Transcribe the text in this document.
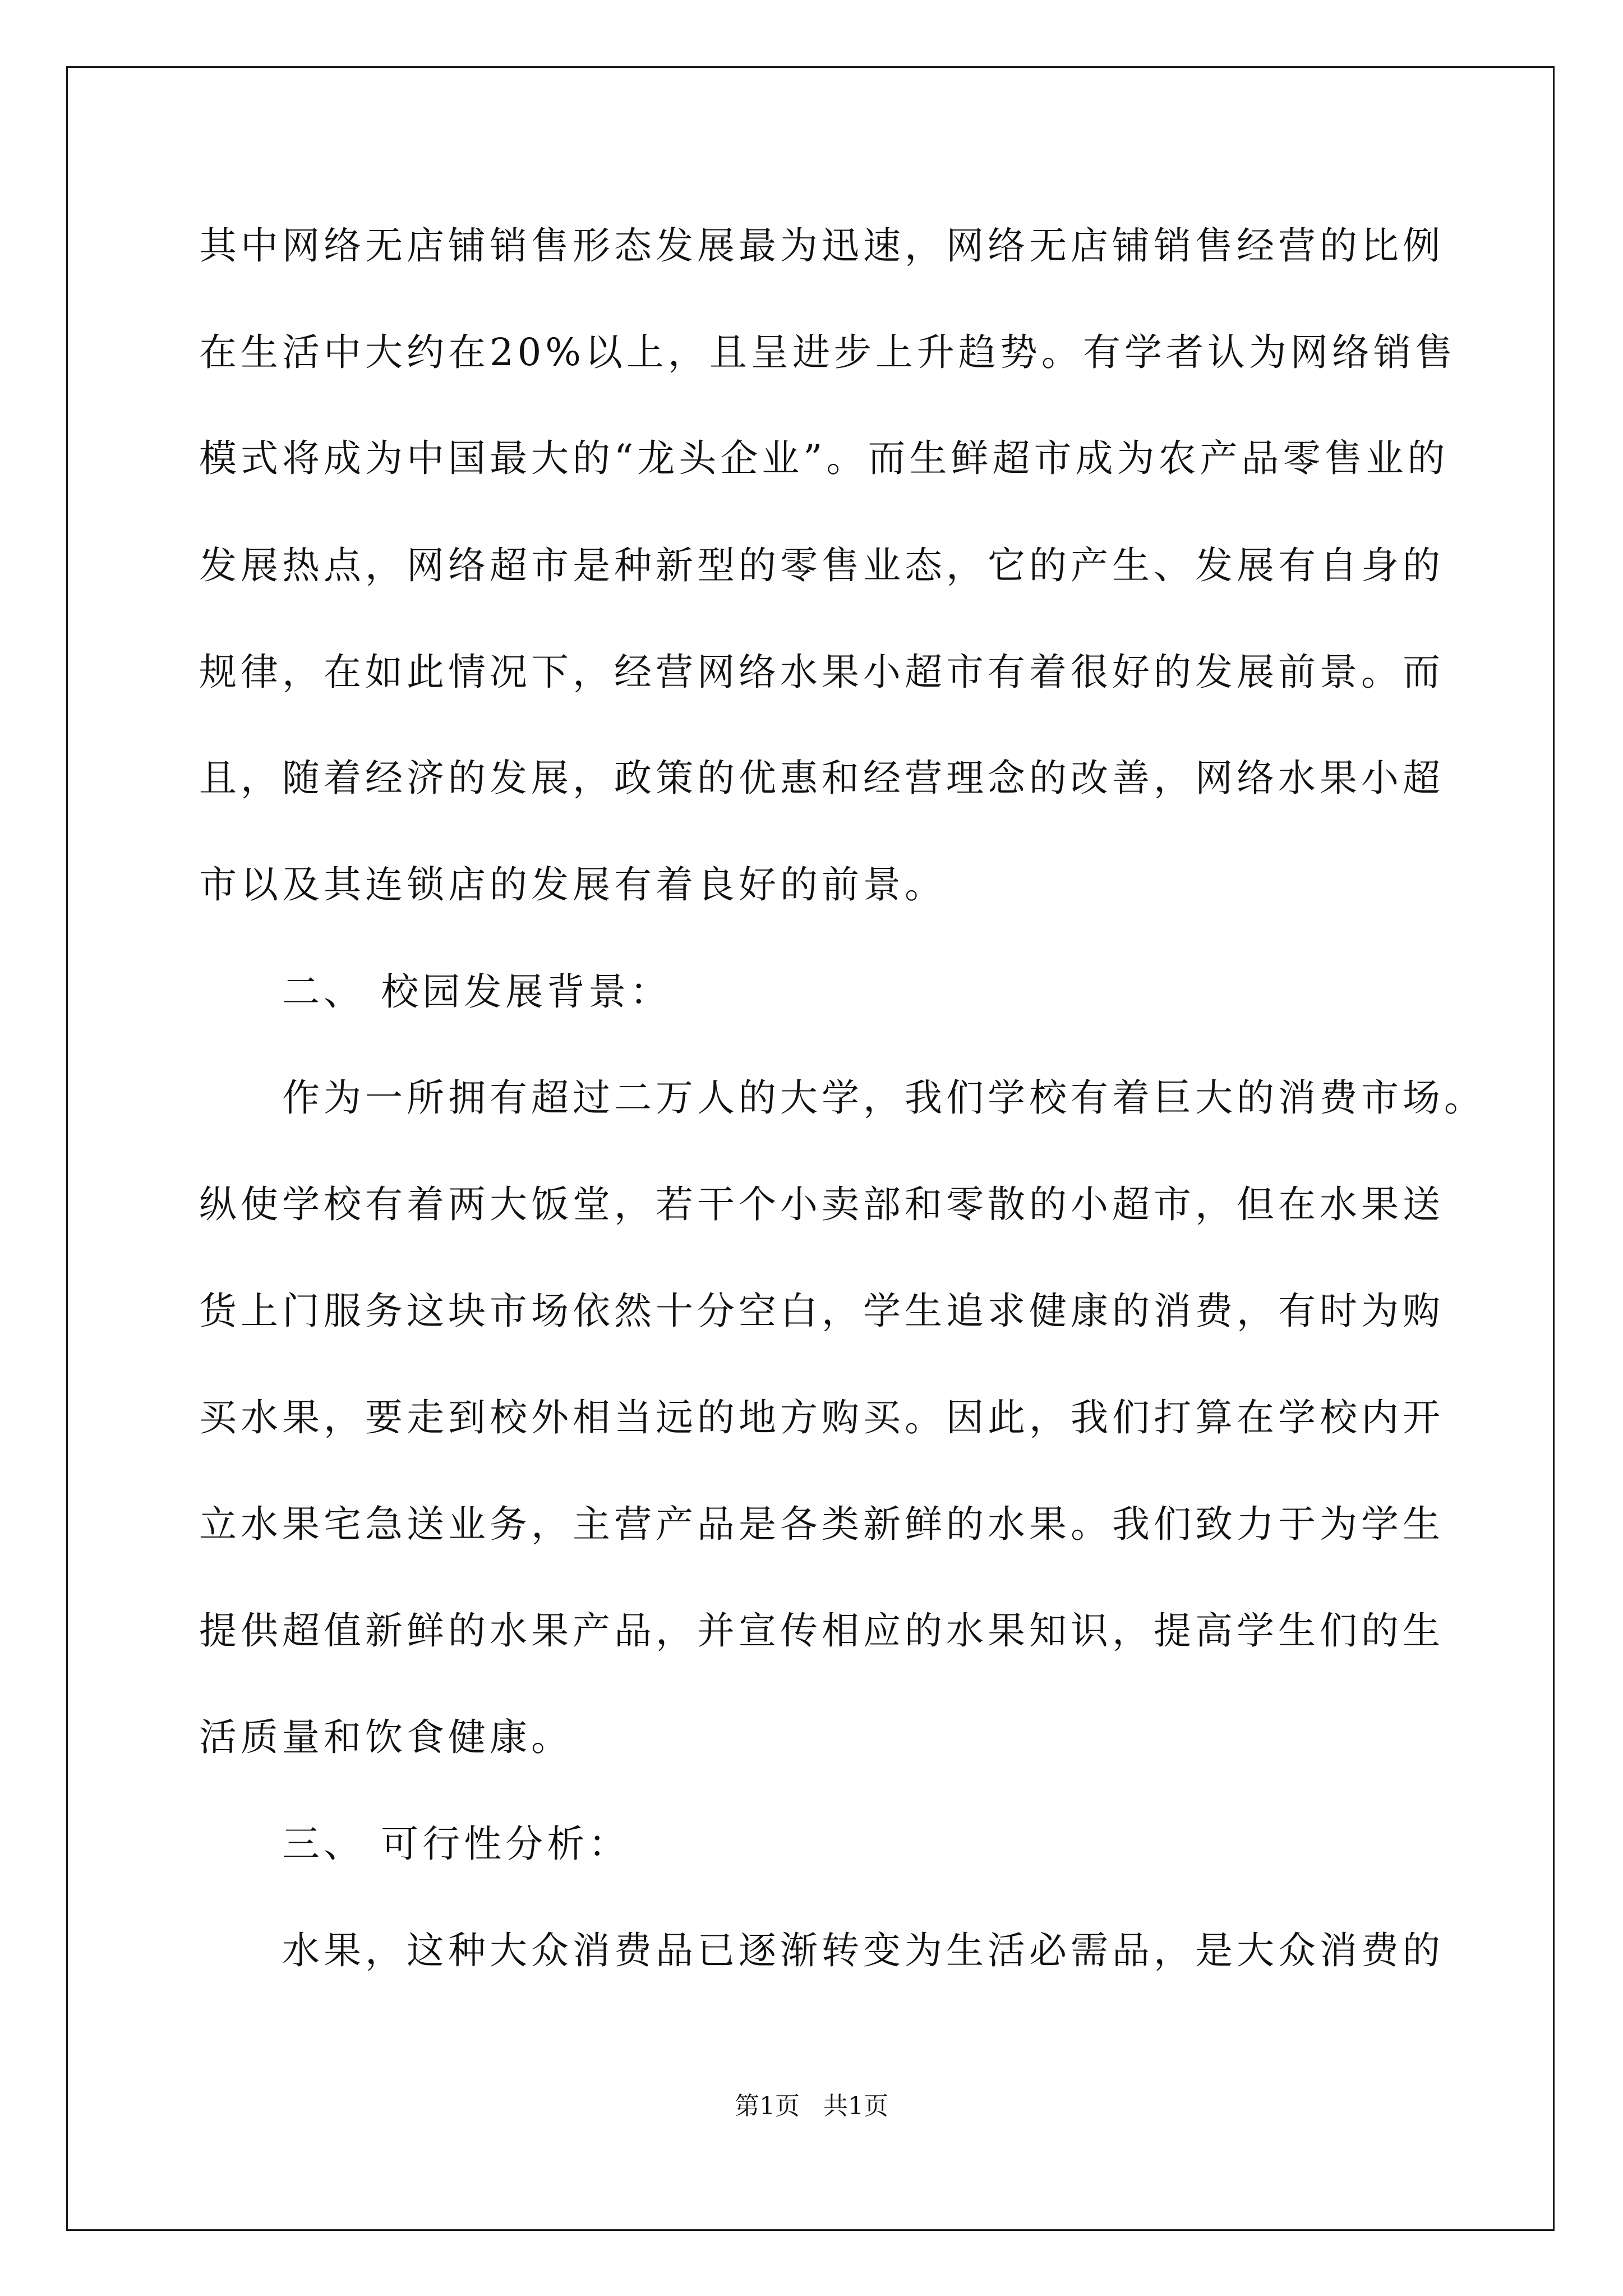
其中网络无店铺销售形态发展最为迅速，网络无店铺销售经营的比例
在生活中大约在20%以上，且呈进步上升趋势。有学者认为网络销售
模式将成为中国最大的“龙头企业”。而生鲜超市成为农产品零售业的
发展热点，网络超市是种新型的零售业态，它的产生、发展有自身的
规律，在如此情况下，经营网络水果小超市有着很好的发展前景。而
且，随着经济的发展，政策的优惠和经营理念的改善，网络水果小超
市以及其连锁店的发展有着良好的前景。
二、 校园发展背景：
作为一所拥有超过二万人的大学，我们学校有着巨大的消费市场。
纵使学校有着两大饭堂，若干个小卖部和零散的小超市，但在水果送
货上门服务这块市场依然十分空白，学生追求健康的消费，有时为购
买水果，要走到校外相当远的地方购买。因此，我们打算在学校内开
立水果宅急送业务，主营产品是各类新鲜的水果。我们致力于为学生
提供超值新鲜的水果产品，并宣传相应的水果知识，提高学生们的生
活质量和饮食健康。
三、 可行性分析：
水果，这种大众消费品已逐渐转变为生活必需品，是大众消费的
第1页   共1页
